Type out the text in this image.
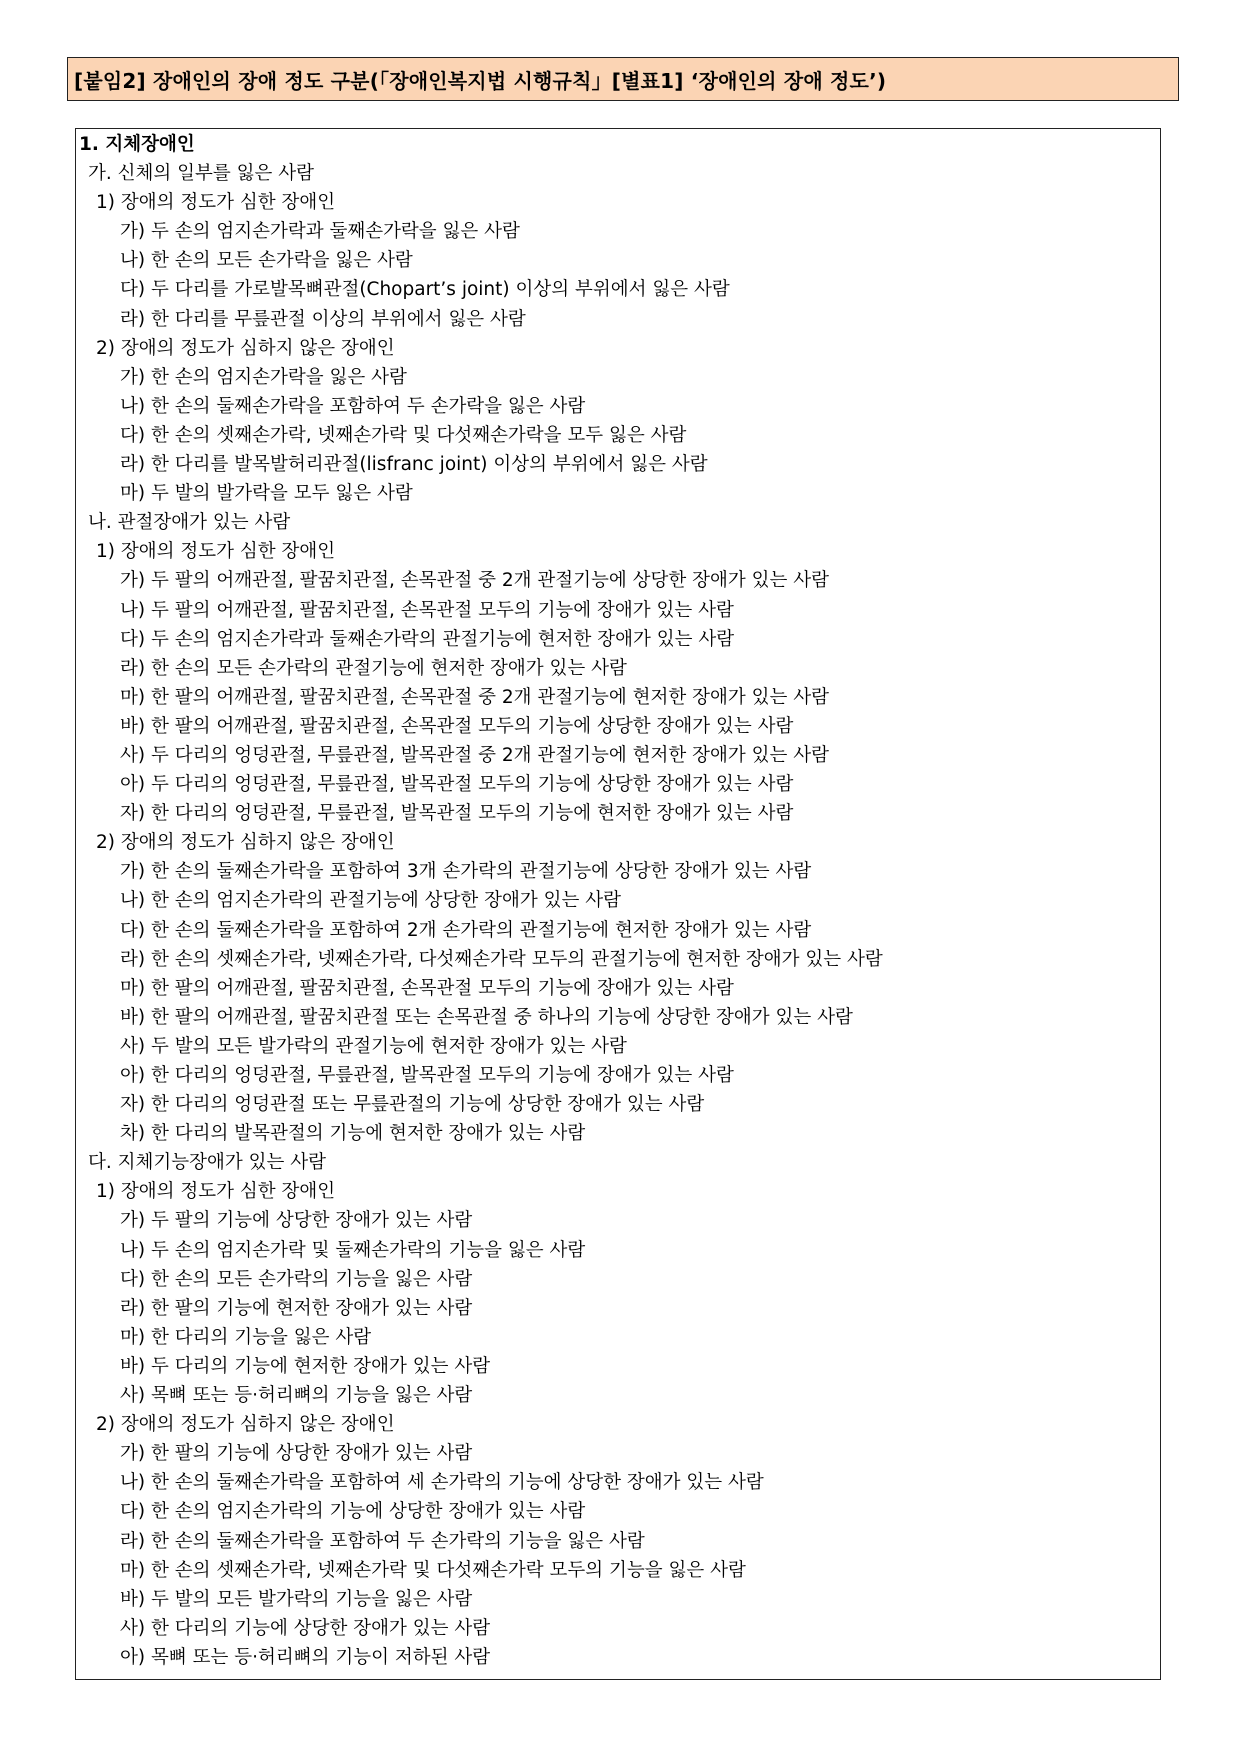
[붙임2] 장애인의 장애 정도 구분(「장애인복지법 시행규칙」[별표1] ‘장애인의 장애 정도’)
1. 지체장애인
가. 신체의 일부를 잃은 사람
1) 장애의 정도가 심한 장애인
가) 두 손의 엄지손가락과 둘째손가락을 잃은 사람
나) 한 손의 모든 손가락을 잃은 사람
다) 두 다리를 가로발목뼈관절(Chopart’s joint) 이상의 부위에서 잃은 사람
라) 한 다리를 무릎관절 이상의 부위에서 잃은 사람
2) 장애의 정도가 심하지 않은 장애인
가) 한 손의 엄지손가락을 잃은 사람
나) 한 손의 둘째손가락을 포함하여 두 손가락을 잃은 사람
다) 한 손의 셋째손가락, 넷째손가락 및 다섯째손가락을 모두 잃은 사람
라) 한 다리를 발목발허리관절(lisfranc joint) 이상의 부위에서 잃은 사람
마) 두 발의 발가락을 모두 잃은 사람
나. 관절장애가 있는 사람
1) 장애의 정도가 심한 장애인
가) 두 팔의 어깨관절, 팔꿈치관절, 손목관절 중 2개 관절기능에 상당한 장애가 있는 사람
나) 두 팔의 어깨관절, 팔꿈치관절, 손목관절 모두의 기능에 장애가 있는 사람
다) 두 손의 엄지손가락과 둘째손가락의 관절기능에 현저한 장애가 있는 사람
라) 한 손의 모든 손가락의 관절기능에 현저한 장애가 있는 사람
마) 한 팔의 어깨관절, 팔꿈치관절, 손목관절 중 2개 관절기능에 현저한 장애가 있는 사람
바) 한 팔의 어깨관절, 팔꿈치관절, 손목관절 모두의 기능에 상당한 장애가 있는 사람
사) 두 다리의 엉덩관절, 무릎관절, 발목관절 중 2개 관절기능에 현저한 장애가 있는 사람
아) 두 다리의 엉덩관절, 무릎관절, 발목관절 모두의 기능에 상당한 장애가 있는 사람
자) 한 다리의 엉덩관절, 무릎관절, 발목관절 모두의 기능에 현저한 장애가 있는 사람
2) 장애의 정도가 심하지 않은 장애인
가) 한 손의 둘째손가락을 포함하여 3개 손가락의 관절기능에 상당한 장애가 있는 사람
나) 한 손의 엄지손가락의 관절기능에 상당한 장애가 있는 사람
다) 한 손의 둘째손가락을 포함하여 2개 손가락의 관절기능에 현저한 장애가 있는 사람
라) 한 손의 셋째손가락, 넷째손가락, 다섯째손가락 모두의 관절기능에 현저한 장애가 있는 사람
마) 한 팔의 어깨관절, 팔꿈치관절, 손목관절 모두의 기능에 장애가 있는 사람
바) 한 팔의 어깨관절, 팔꿈치관절 또는 손목관절 중 하나의 기능에 상당한 장애가 있는 사람
사) 두 발의 모든 발가락의 관절기능에 현저한 장애가 있는 사람
아) 한 다리의 엉덩관절, 무릎관절, 발목관절 모두의 기능에 장애가 있는 사람
자) 한 다리의 엉덩관절 또는 무릎관절의 기능에 상당한 장애가 있는 사람
차) 한 다리의 발목관절의 기능에 현저한 장애가 있는 사람
다. 지체기능장애가 있는 사람
1) 장애의 정도가 심한 장애인
가) 두 팔의 기능에 상당한 장애가 있는 사람
나) 두 손의 엄지손가락 및 둘째손가락의 기능을 잃은 사람
다) 한 손의 모든 손가락의 기능을 잃은 사람
라) 한 팔의 기능에 현저한 장애가 있는 사람
마) 한 다리의 기능을 잃은 사람
바) 두 다리의 기능에 현저한 장애가 있는 사람
사) 목뼈 또는 등·허리뼈의 기능을 잃은 사람
2) 장애의 정도가 심하지 않은 장애인
가) 한 팔의 기능에 상당한 장애가 있는 사람
나) 한 손의 둘째손가락을 포함하여 세 손가락의 기능에 상당한 장애가 있는 사람
다) 한 손의 엄지손가락의 기능에 상당한 장애가 있는 사람
라) 한 손의 둘째손가락을 포함하여 두 손가락의 기능을 잃은 사람
마) 한 손의 셋째손가락, 넷째손가락 및 다섯째손가락 모두의 기능을 잃은 사람
바) 두 발의 모든 발가락의 기능을 잃은 사람
사) 한 다리의 기능에 상당한 장애가 있는 사람
아) 목뼈 또는 등·허리뼈의 기능이 저하된 사람
